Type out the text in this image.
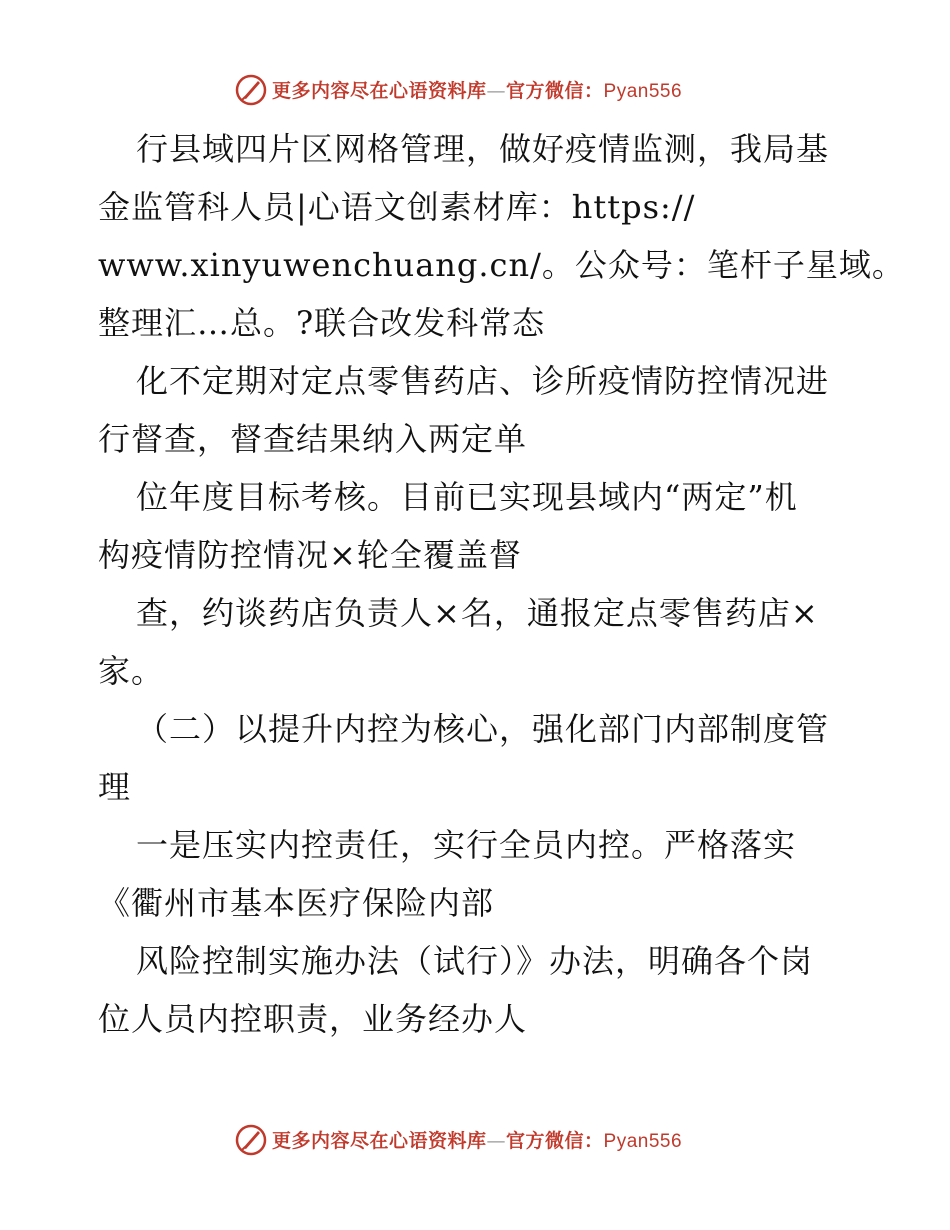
更多内容尽在心语资料库—官方微信：Pyan556
行县域四片区网格管理，做好疫情监测，我局基
金监管科人员|心语文创素材库：https://
www.xinyuwenchuang.cn/。公众号：笔杆子星域。
整理汇…总。?联合改发科常态
化不定期对定点零售药店、诊所疫情防控情况进
行督查，督查结果纳入两定单
位年度目标考核。目前已实现县域内“两定”机
构疫情防控情况×轮全覆盖督
查，约谈药店负责人×名，通报定点零售药店×
家。
（二）以提升内控为核心，强化部门内部制度管
理
一是压实内控责任，实行全员内控。严格落实
《衢州市基本医疗保险内部
风险控制实施办法（试行）》办法，明确各个岗
位人员内控职责，业务经办人
更多内容尽在心语资料库—官方微信：Pyan556
